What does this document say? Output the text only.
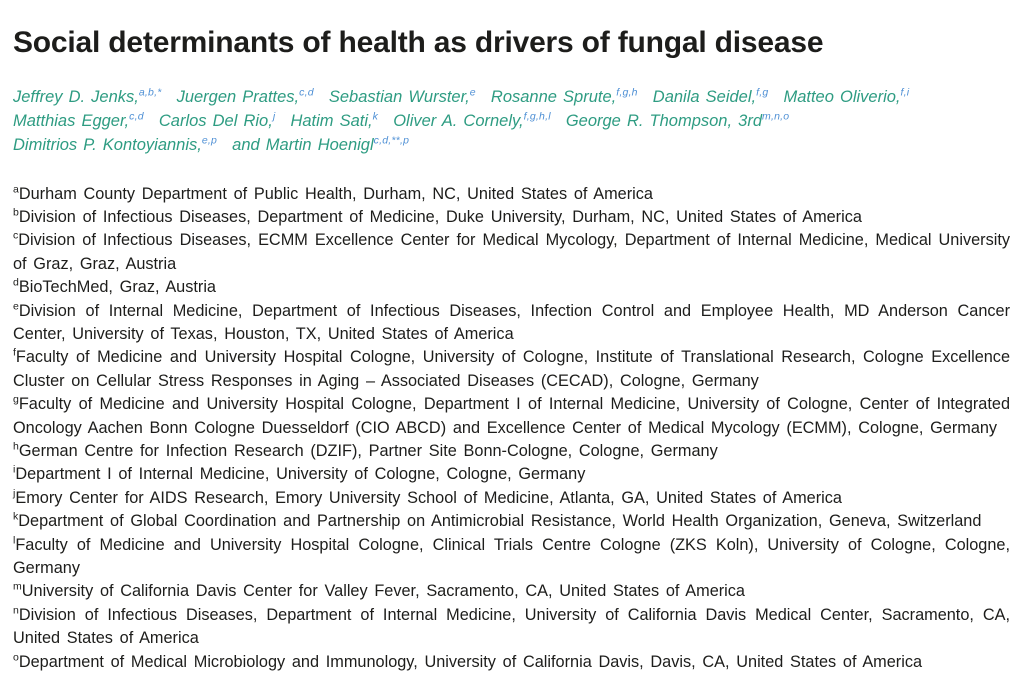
Social determinants of health as drivers of fungal disease

Jeffrey D. Jenks,$^{a,b,*}$ Juergen Prattes,$^{c,d}$ Sebastian Wurster,$^e$ Rosanne Sprute,$^{f,g,h}$ Danila Seidel,$^{f,g}$ Matteo Oliverio,$^{f,i}$ Matthias Egger,$^{c,d}$ Carlos Del Rio,$^j$ Hatim Sati,$^k$ Oliver A. Cornely,$^{f,g,h,l}$ George R. Thompson, 3rd$^{m,n,o}$ Dimitrios P. Kontoyiannis,$^{e,p}$ and Martin Hoenigl$^{c,d,**,p}$

$^a$Durham County Department of Public Health, Durham, NC, United States of America

$^b$Division of Infectious Diseases, Department of Medicine, Duke University, Durham, NC, United States of America

$^c$Division of Infectious Diseases, ECMM Excellence Center for Medical Mycology, Department of Internal Medicine, Medical University of Graz, Graz, Austria

$^d$BioTechMed, Graz, Austria

$^e$Division of Internal Medicine, Department of Infectious Diseases, Infection Control and Employee Health, MD Anderson Cancer Center, University of Texas, Houston, TX, United States of America

$^f$Faculty of Medicine and University Hospital Cologne, University of Cologne, Institute of Translational Research, Cologne Excellence Cluster on Cellular Stress Responses in Aging – Associated Diseases (CECAD), Cologne, Germany

$^g$Faculty of Medicine and University Hospital Cologne, Department I of Internal Medicine, University of Cologne, Center of Integrated Oncology Aachen Bonn Cologne Duesseldorf (CIO ABCD) and Excellence Center of Medical Mycology (ECMM), Cologne, Germany

$^h$German Centre for Infection Research (DZIF), Partner Site Bonn-Cologne, Cologne, Germany

$^i$Department I of Internal Medicine, University of Cologne, Cologne, Germany

$^j$Emory Center for AIDS Research, Emory University School of Medicine, Atlanta, GA, United States of America

$^k$Department of Global Coordination and Partnership on Antimicrobial Resistance, World Health Organization, Geneva, Switzerland

$^l$Faculty of Medicine and University Hospital Cologne, Clinical Trials Centre Cologne (ZKS Koln), University of Cologne, Cologne, Germany

$^m$University of California Davis Center for Valley Fever, Sacramento, CA, United States of America

$^n$Division of Infectious Diseases, Department of Internal Medicine, University of California Davis Medical Center, Sacramento, CA, United States of America

$^o$Department of Medical Microbiology and Immunology, University of California Davis, Davis, CA, United States of America
